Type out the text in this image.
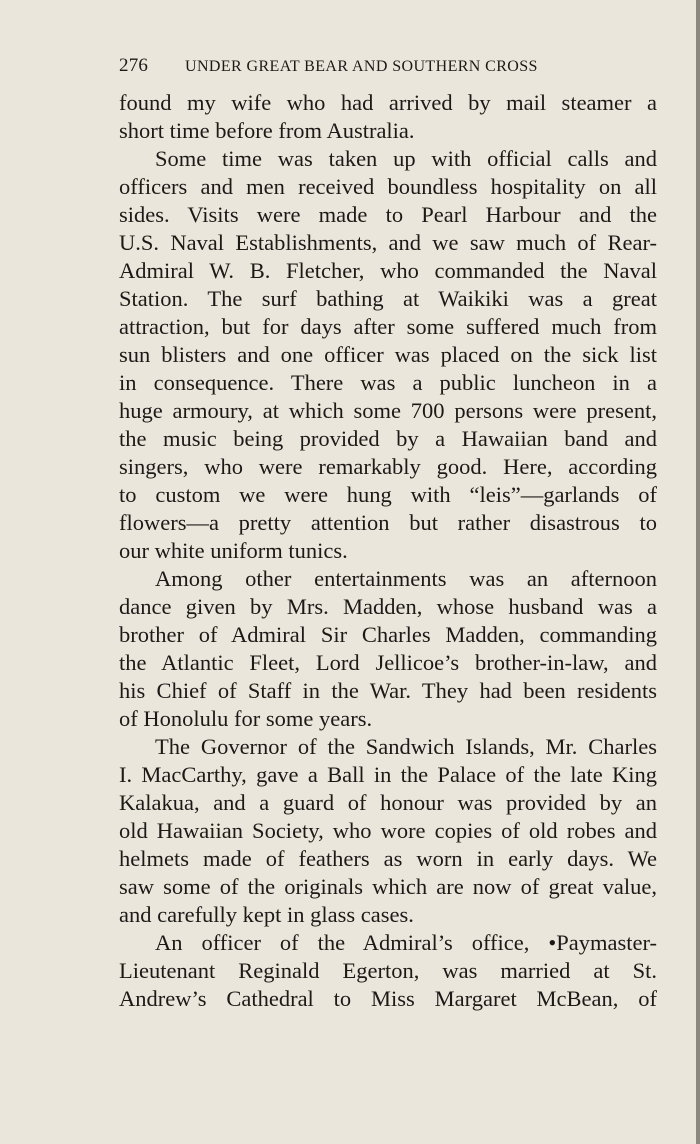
276	UNDER GREAT BEAR AND SOUTHERN CROSS
found my wife who had arrived by mail steamer a
short time before from Australia.
Some time was taken up with official calls and
officers and men received boundless hospitality on all
sides. Visits were made to Pearl Harbour and the
U.S. Naval Establishments, and we saw much of Rear-
Admiral W. B. Fletcher, who commanded the Naval
Station. The surf bathing at Waikiki was a great
attraction, but for days after some suffered much from
sun blisters and one officer was placed on the sick list
in consequence. There was a public luncheon in a
huge armoury, at which some 700 persons were present,
the music being provided by a Hawaiian band and
singers, who were remarkably good. Here, according
to custom we were hung with “leis”—garlands of
flowers—a pretty attention but rather disastrous to
our white uniform tunics.
Among other entertainments was an afternoon
dance given by Mrs. Madden, whose husband was a
brother of Admiral Sir Charles Madden, commanding
the Atlantic Fleet, Lord Jellicoe’s brother-in-law, and
his Chief of Staff in the War. They had been residents
of Honolulu for some years.
The Governor of the Sandwich Islands, Mr. Charles
I. MacCarthy, gave a Ball in the Palace of the late King
Kalakua, and a guard of honour was provided by an
old Hawaiian Society, who wore copies of old robes and
helmets made of feathers as worn in early days. We
saw some of the originals which are now of great value,
and carefully kept in glass cases.
An officer of the Admiral’s office, •Paymaster-
Lieutenant Reginald Egerton, was married at St.
Andrew’s Cathedral to Miss Margaret McBean, of
